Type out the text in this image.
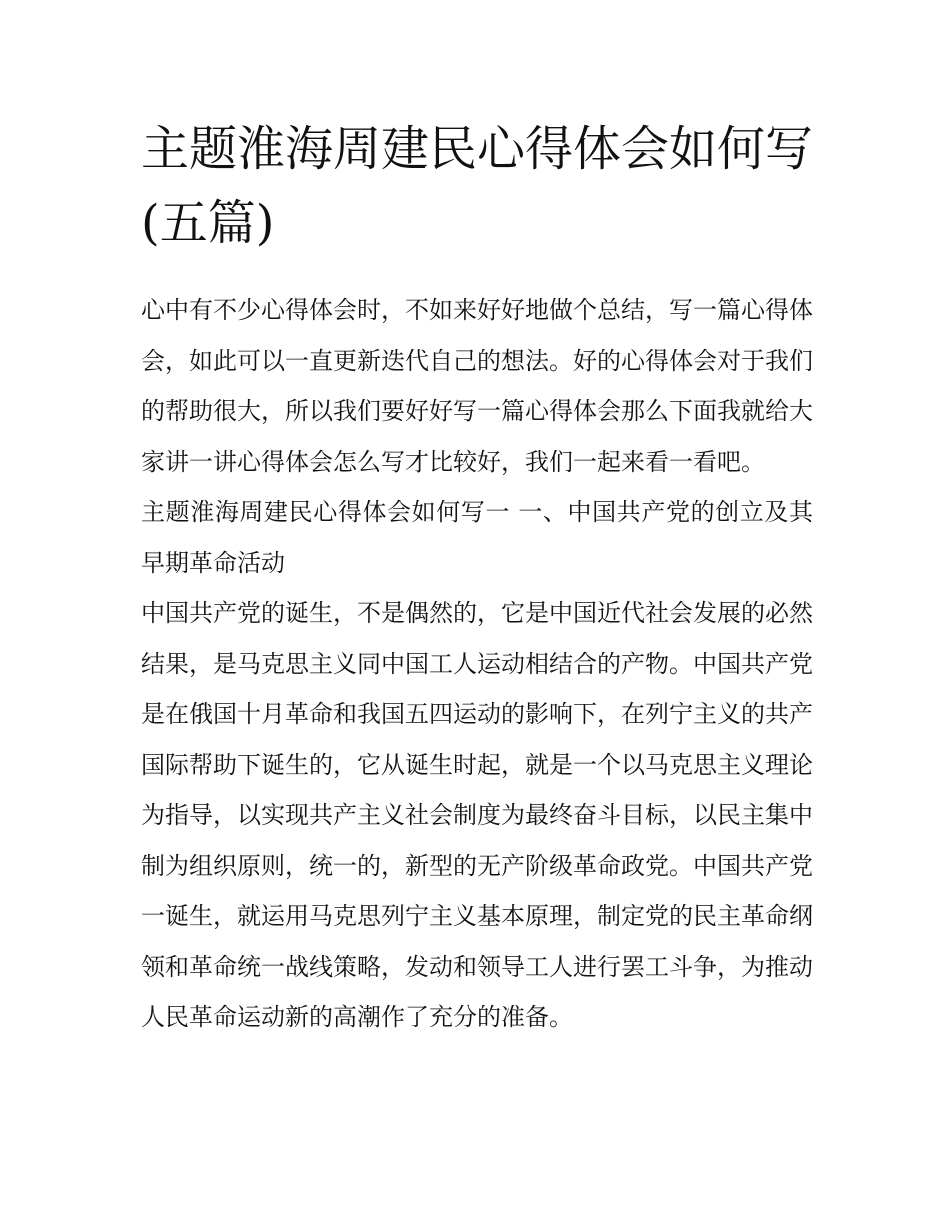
主题淮海周建民心得体会如何写(五篇)

心中有不少心得体会时，不如来好好地做个总结，写一篇心得体会，如此可以一直更新迭代自己的想法。好的心得体会对于我们的帮助很大，所以我们要好好写一篇心得体会那么下面我就给大家讲一讲心得体会怎么写才比较好，我们一起来看一看吧。

主题淮海周建民心得体会如何写一 一、中国共产党的创立及其早期革命活动

中国共产党的诞生，不是偶然的，它是中国近代社会发展的必然结果，是马克思主义同中国工人运动相结合的产物。中国共产党是在俄国十月革命和我国五四运动的影响下，在列宁主义的共产国际帮助下诞生的，它从诞生时起，就是一个以马克思主义理论为指导，以实现共产主义社会制度为最终奋斗目标，以民主集中制为组织原则，统一的，新型的无产阶级革命政党。中国共产党一诞生，就运用马克思列宁主义基本原理，制定党的民主革命纲领和革命统一战线策略，发动和领导工人进行罢工斗争，为推动人民革命运动新的高潮作了充分的准备。
